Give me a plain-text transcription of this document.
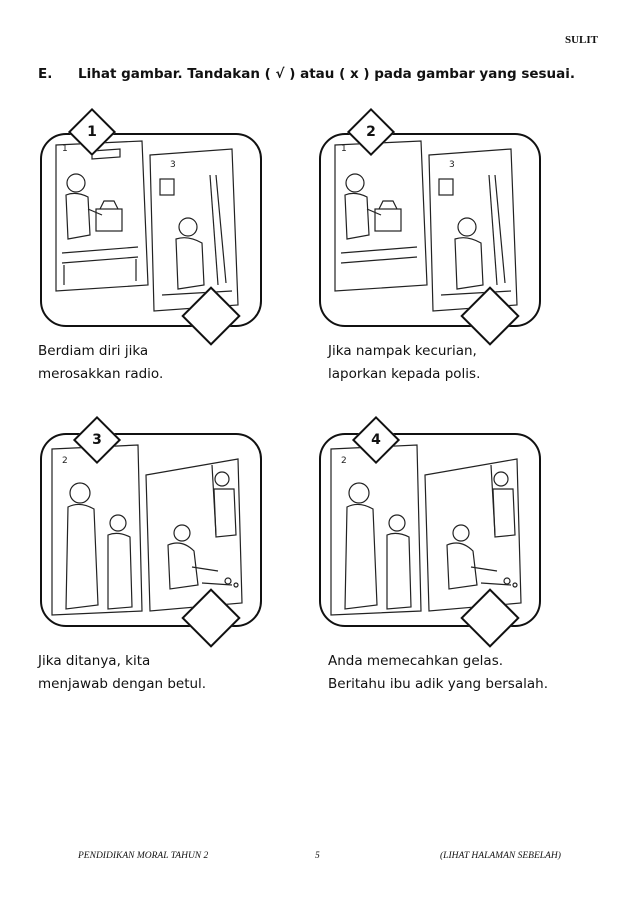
SULIT
E. Lihat gambar. Tandakan ( √ ) atau ( x ) pada gambar yang sesuai.
1
3
1
1
3
2
2
3
2
4
Berdiam diri jika
merosakkan radio.
Jika nampak kecurian,
laporkan kepada polis.
Jika ditanya, kita
menjawab dengan betul.
Anda memecahkan gelas.
Beritahu ibu adik yang bersalah.
PENDIDIKAN MORAL TAHUN 2	5	(LIHAT HALAMAN SEBELAH)
